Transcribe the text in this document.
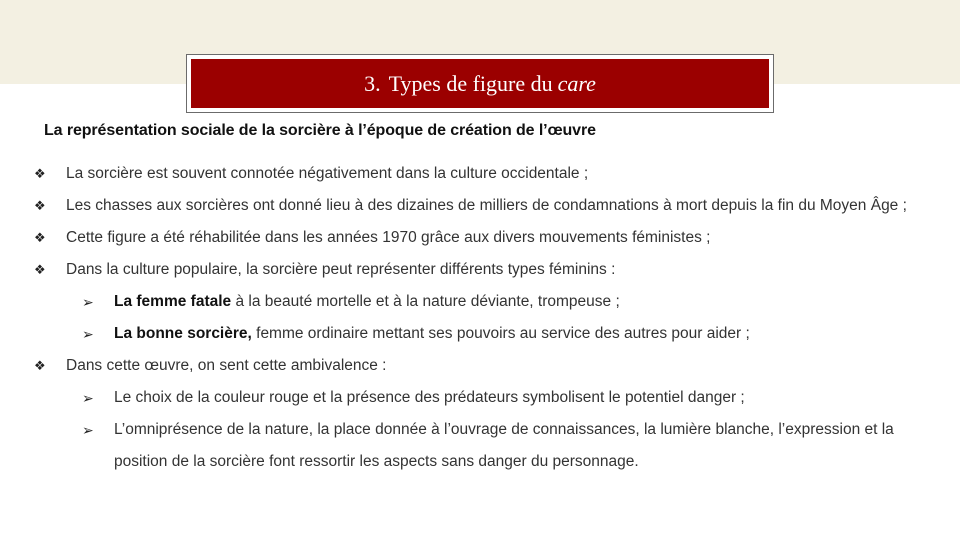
3. Types de figure du care
La représentation sociale de la sorcière à l’époque de création de l’œuvre
❖ La sorcière est souvent connotée négativement dans la culture occidentale ;
❖ Les chasses aux sorcières ont donné lieu à des dizaines de milliers de condamnations à mort depuis la fin du Moyen Âge ;
❖ Cette figure a été réhabilitée dans les années 1970 grâce aux divers mouvements féministes ;
❖ Dans la culture populaire, la sorcière peut représenter différents types féminins :
➢ La femme fatale à la beauté mortelle et à la nature déviante, trompeuse ;
➢ La bonne sorcière, femme ordinaire mettant ses pouvoirs au service des autres pour aider ;
❖ Dans cette œuvre, on sent cette ambivalence :
➢ Le choix de la couleur rouge et la présence des prédateurs symbolisent le potentiel danger ;
➢ L’omniprésence de la nature, la place donnée à l’ouvrage de connaissances, la lumière blanche, l’expression et la position de la sorcière font ressortir les aspects sans danger du personnage.
